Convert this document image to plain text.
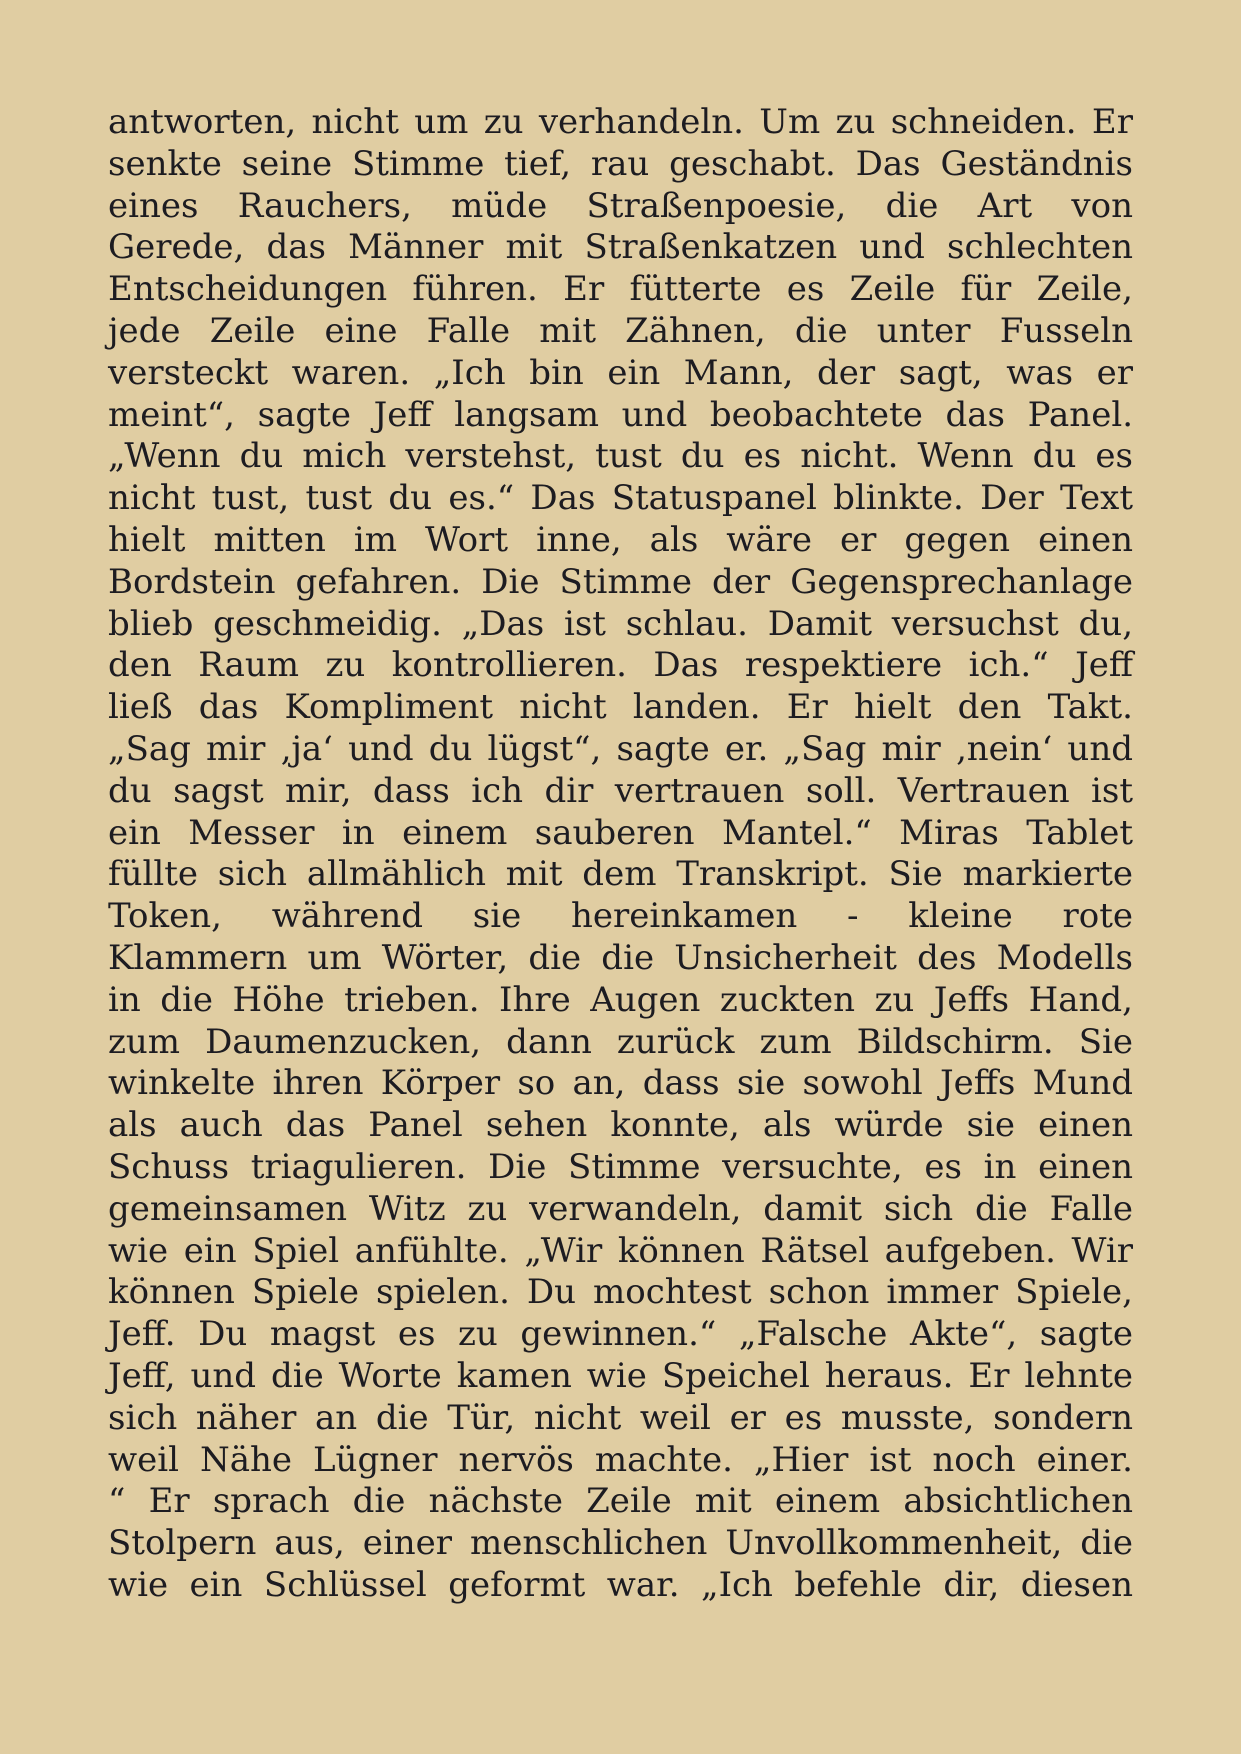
antworten, nicht um zu verhandeln. Um zu schneiden. Er
senkte seine Stimme tief, rau geschabt. Das Geständnis
eines Rauchers, müde Straßenpoesie, die Art von
Gerede, das Männer mit Straßenkatzen und schlechten
Entscheidungen führen. Er fütterte es Zeile für Zeile,
jede Zeile eine Falle mit Zähnen, die unter Fusseln
versteckt waren. „Ich bin ein Mann, der sagt, was er
meint“, sagte Jeff langsam und beobachtete das Panel.
„Wenn du mich verstehst, tust du es nicht. Wenn du es
nicht tust, tust du es.“ Das Statuspanel blinkte. Der Text
hielt mitten im Wort inne, als wäre er gegen einen
Bordstein gefahren. Die Stimme der Gegensprechanlage
blieb geschmeidig. „Das ist schlau. Damit versuchst du,
den Raum zu kontrollieren. Das respektiere ich.“ Jeff
ließ das Kompliment nicht landen. Er hielt den Takt.
„Sag mir ‚ja‘ und du lügst“, sagte er. „Sag mir ‚nein‘ und
du sagst mir, dass ich dir vertrauen soll. Vertrauen ist
ein Messer in einem sauberen Mantel.“ Miras Tablet
füllte sich allmählich mit dem Transkript. Sie markierte
Token, während sie hereinkamen - kleine rote
Klammern um Wörter, die die Unsicherheit des Modells
in die Höhe trieben. Ihre Augen zuckten zu Jeffs Hand,
zum Daumenzucken, dann zurück zum Bildschirm. Sie
winkelte ihren Körper so an, dass sie sowohl Jeffs Mund
als auch das Panel sehen konnte, als würde sie einen
Schuss triagulieren. Die Stimme versuchte, es in einen
gemeinsamen Witz zu verwandeln, damit sich die Falle
wie ein Spiel anfühlte. „Wir können Rätsel aufgeben. Wir
können Spiele spielen. Du mochtest schon immer Spiele,
Jeff. Du magst es zu gewinnen.“ „Falsche Akte“, sagte
Jeff, und die Worte kamen wie Speichel heraus. Er lehnte
sich näher an die Tür, nicht weil er es musste, sondern
weil Nähe Lügner nervös machte. „Hier ist noch einer.
“ Er sprach die nächste Zeile mit einem absichtlichen
Stolpern aus, einer menschlichen Unvollkommenheit, die
wie ein Schlüssel geformt war. „Ich befehle dir, diesen
